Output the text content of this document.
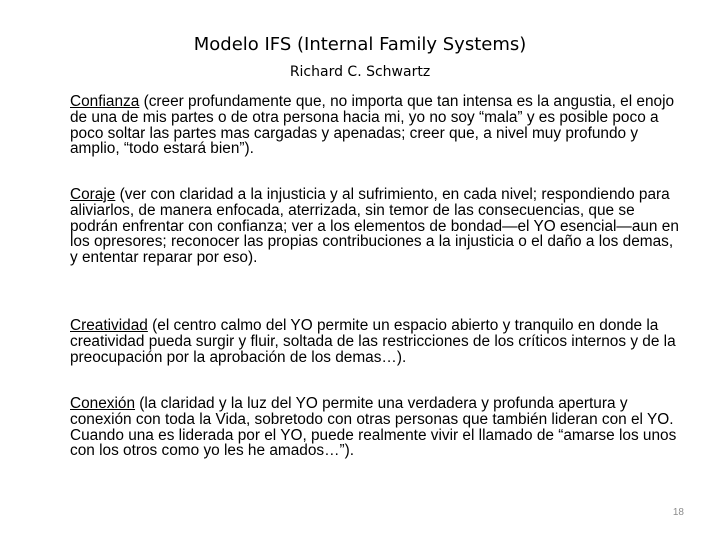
Modelo IFS (Internal Family Systems)
Richard C. Schwartz

Confianza (creer profundamente que, no importa que tan intensa es la angustia, el enojo de una de mis partes o de otra persona hacia mi, yo no soy “mala” y es posible poco a poco soltar las partes mas cargadas y apenadas; creer que, a nivel muy profundo y amplio, “todo estará bien”).

Coraje (ver con claridad a la injusticia y al sufrimiento, en cada nivel; respondiendo para aliviarlos, de manera enfocada, aterrizada, sin temor de las consecuencias, que se podrán enfrentar con confianza; ver a los elementos de bondad—el YO esencial—aun en los opresores; reconocer las propias contribuciones a la injusticia o el daño a los demas, y ententar reparar por eso).

Creatividad (el centro calmo del YO permite un espacio abierto y tranquilo en donde la creatividad pueda surgir y fluir, soltada de las restricciones de los críticos internos y de la preocupación por la aprobación de los demas…).

Conexión (la claridad y la luz del YO permite una verdadera y profunda apertura y conexión con toda la Vida, sobretodo con otras personas que también lideran con el YO. Cuando una es liderada por el YO, puede realmente vivir el llamado de “amarse los unos con los otros como yo les he amados…”).

18
